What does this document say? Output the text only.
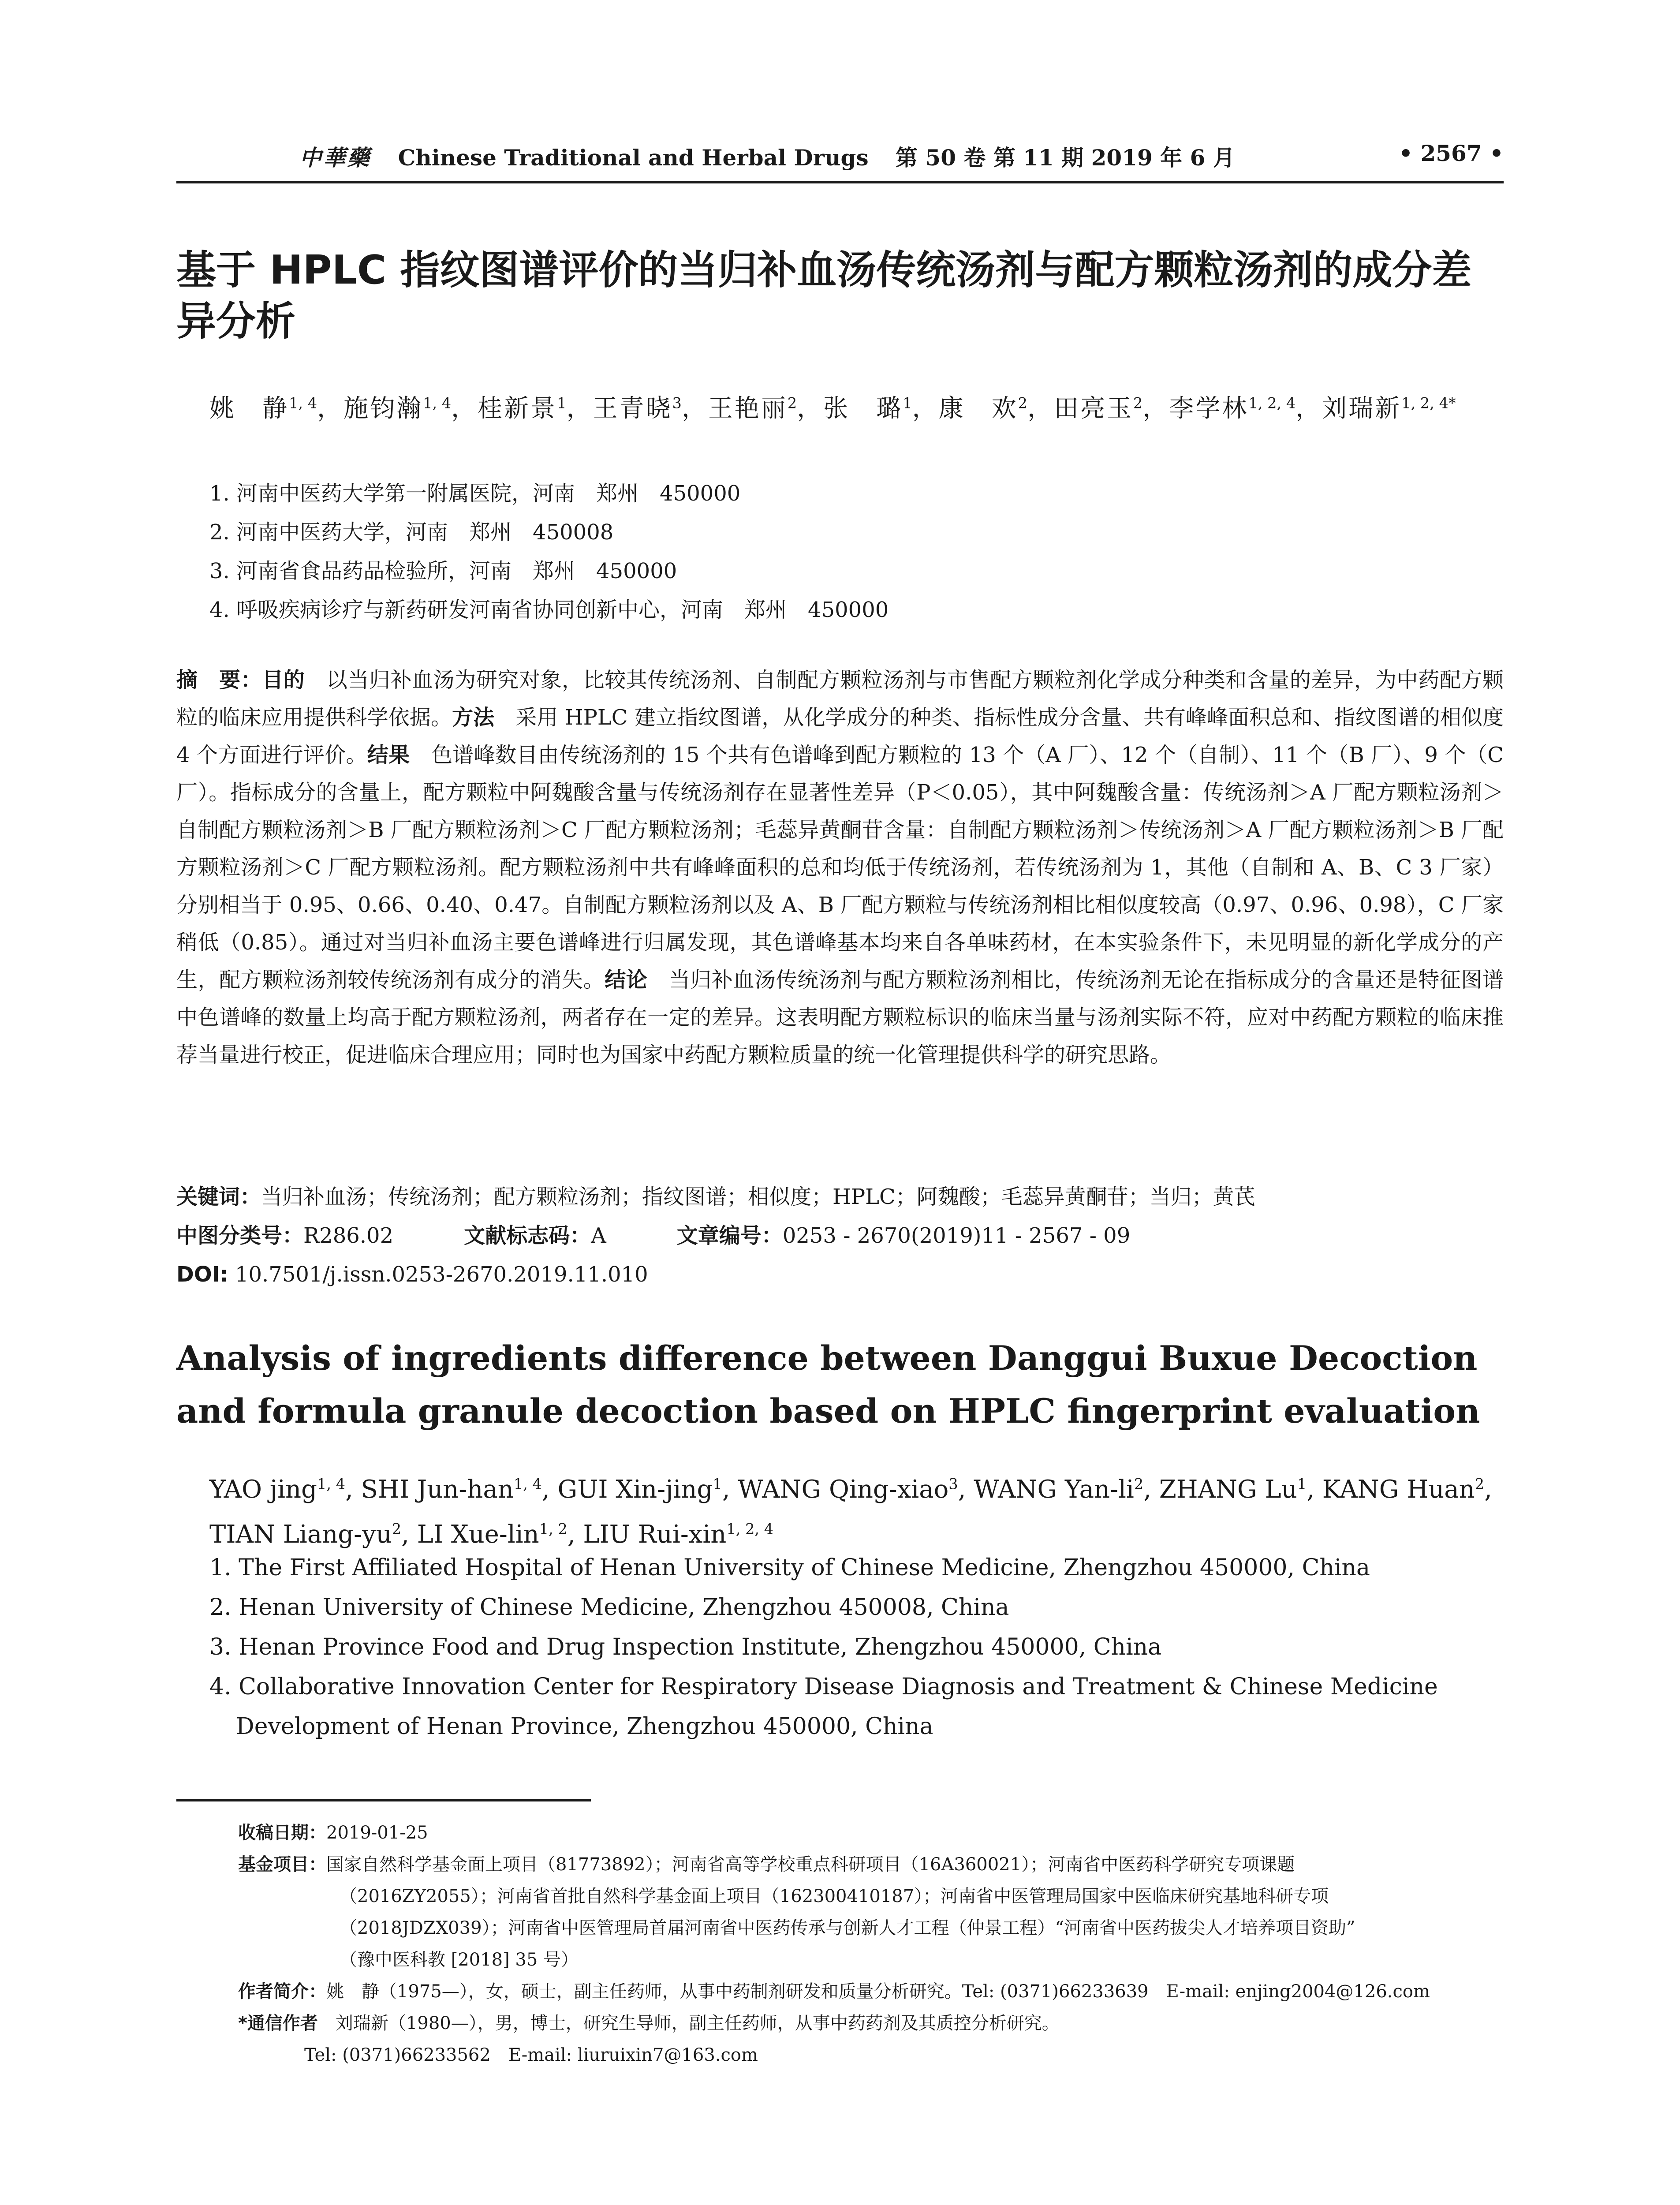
中華藥 Chinese Traditional and Herbal Drugs 第 50 卷 第 11 期 2019 年 6 月	• 2567 •
基于 HPLC 指纹图谱评价的当归补血汤传统汤剂与配方颗粒汤剂的成分差异分析
姚　静$^{1, 4}$，施钧瀚$^{1, 4}$，桂新景$^1$，王青晓$^3$，王艳丽$^2$，张　璐$^1$，康　欢$^2$，田亮玉$^2$，李学林$^{1, 2, 4}$，刘瑞新$^{1, 2, 4*}$
1. 河南中医药大学第一附属医院，河南　郑州　450000
2. 河南中医药大学，河南　郑州　450008
3. 河南省食品药品检验所，河南　郑州　450000
4. 呼吸疾病诊疗与新药研发河南省协同创新中心，河南　郑州　450000

摘　要：目的　以当归补血汤为研究对象，比较其传统汤剂、自制配方颗粒汤剂与市售配方颗粒剂化学成分种类和含量的差异，为中药配方颗粒的临床应用提供科学依据。方法　采用 HPLC 建立指纹图谱，从化学成分的种类、指标性成分含量、共有峰峰面积总和、指纹图谱的相似度 4 个方面进行评价。结果　色谱峰数目由传统汤剂的 15 个共有色谱峰到配方颗粒的 13 个（A 厂）、12 个（自制）、11 个（B 厂）、9 个（C 厂）。指标成分的含量上，配方颗粒中阿魏酸含量与传统汤剂存在显著性差异（P＜0.05），其中阿魏酸含量：传统汤剂＞A 厂配方颗粒汤剂＞自制配方颗粒汤剂＞B 厂配方颗粒汤剂＞C 厂配方颗粒汤剂；毛蕊异黄酮苷含量：自制配方颗粒汤剂＞传统汤剂＞A 厂配方颗粒汤剂＞B 厂配方颗粒汤剂＞C 厂配方颗粒汤剂。配方颗粒汤剂中共有峰峰面积的总和均低于传统汤剂，若传统汤剂为 1，其他（自制和 A、B、C 3 厂家）分别相当于 0.95、0.66、0.40、0.47。自制配方颗粒汤剂以及 A、B 厂配方颗粒与传统汤剂相比相似度较高（0.97、0.96、0.98），C 厂家稍低（0.85）。通过对当归补血汤主要色谱峰进行归属发现，其色谱峰基本均来自各单味药材，在本实验条件下，未见明显的新化学成分的产生，配方颗粒汤剂较传统汤剂有成分的消失。结论　当归补血汤传统汤剂与配方颗粒汤剂相比，传统汤剂无论在指标成分的含量还是特征图谱中色谱峰的数量上均高于配方颗粒汤剂，两者存在一定的差异。这表明配方颗粒标识的临床当量与汤剂实际不符，应对中药配方颗粒的临床推荐当量进行校正，促进临床合理应用；同时也为国家中药配方颗粒质量的统一化管理提供科学的研究思路。

关键词：当归补血汤；传统汤剂；配方颗粒汤剂；指纹图谱；相似度；HPLC；阿魏酸；毛蕊异黄酮苷；当归；黄芪
中图分类号：R286.02	文献标志码：A	文章编号：0253 - 2670(2019)11 - 2567 - 09
DOI: 10.7501/j.issn.0253-2670.2019.11.010
Analysis of ingredients difference between Danggui Buxue Decoction and formula granule decoction based on HPLC fingerprint evaluation
YAO jing$^{1, 4}$, SHI Jun-han$^{1, 4}$, GUI Xin-jing$^1$, WANG Qing-xiao$^3$, WANG Yan-$li^2$, ZHANG Lu$^1$, KANG Huan$^2$, TIAN Liang-$yu^2$, LI Xue-lin$^{1, 2}$, LIU Rui-xin$^{1, 2, 4}$
1. The First Affiliated Hospital of Henan University of Chinese Medicine, Zhengzhou 450000, China
2. Henan University of Chinese Medicine, Zhengzhou 450008, China
3. Henan Province Food and Drug Inspection Institute, Zhengzhou 450000, China
4. Collaborative Innovation Center for Respiratory Disease Diagnosis and Treatment & Chinese Medicine Development of Henan Province, Zhengzhou 450000, China

收稿日期：2019-01-25

基金项目：国家自然科学基金面上项目（81773892）；河南省高等学校重点科研项目（16A360021）；河南省中医药科学研究专项课题

（2016ZY2055）；河南省首批自然科学基金面上项目（162300410187）；河南省中医管理局国家中医临床研究基地科研专项

（2018JDZX039）；河南省中医管理局首届河南省中医药传承与创新人才工程（仲景工程）“河南省中医药拔尖人才培养项目资助”

（豫中医科教 [2018] 35 号）

作者简介：姚　静（1975—），女，硕士，副主任药师，从事中药制剂研发和质量分析研究。Tel: (0371)66233639　E-mail: enjing2004@126.com

*通信作者　刘瑞新（1980—），男，博士，研究生导师，副主任药师，从事中药药剂及其质控分析研究。

Tel: (0371)66233562　E-mail: liuruixin7@163.com
